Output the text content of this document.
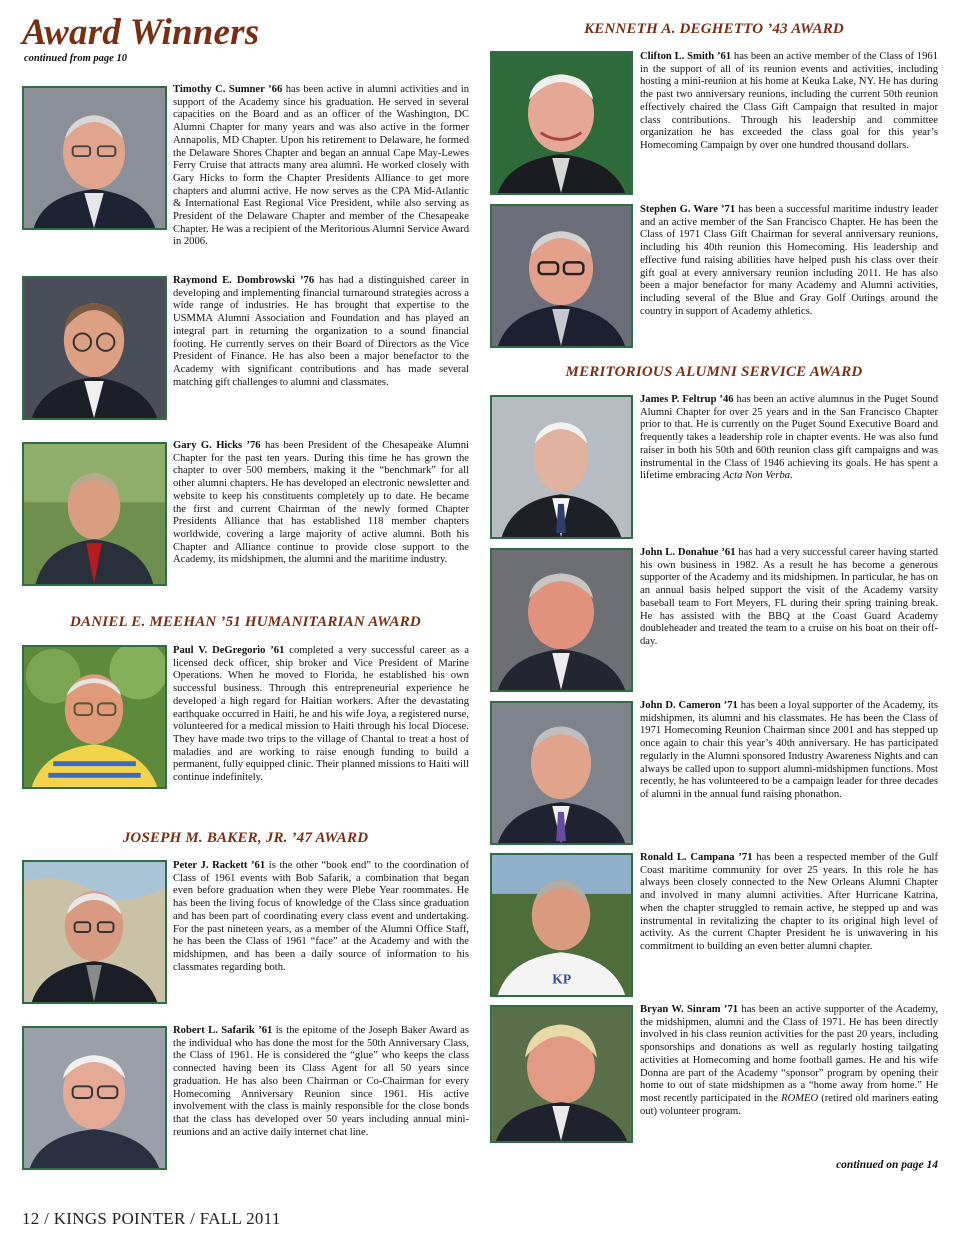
Award Winners
continued from page 10
Timothy C. Sumner ’66 has been active in alumni activities and in support of the Academy since his graduation. He served in several capacities on the Board and as an officer of the Washington, DC Alumni Chapter for many years and was also active in the former Annapolis, MD Chapter. Upon his retirement to Delaware, he formed the Delaware Shores Chapter and began an annual Cape May-Lewes Ferry Cruise that attracts many area alumni. He worked closely with Gary Hicks to form the Chapter Presidents Alliance to get more chapters and alumni active. He now serves as the CPA Mid-Atlantic & International East Regional Vice President, while also serving as President of the Delaware Chapter and member of the Chesapeake Chapter. He was a recipient of the Meritorious Alumni Service Award in 2006.
Raymond E. Dombrowski ’76 has had a distinguished career in developing and implementing financial turnaround strategies across a wide range of industries. He has brought that expertise to the USMMA Alumni Association and Foundation and has played an integral part in returning the organization to a sound financial footing. He currently serves on their Board of Directors as the Vice President of Finance. He has also been a major benefactor to the Academy with significant contributions and has made several matching gift challenges to alumni and classmates.
Gary G. Hicks ’76 has been President of the Chesapeake Alumni Chapter for the past ten years. During this time he has grown the chapter to over 500 members, making it the “benchmark” for all other alumni chapters. He has developed an electronic newsletter and website to keep his constituents completely up to date. He became the first and current Chairman of the newly formed Chapter Presidents Alliance that has established 118 member chapters worldwide, covering a large majority of active alumni. Both his Chapter and Alliance continue to provide close support to the Academy, its midshipmen, the alumni and the maritime industry.
DANIEL E. MEEHAN ’51 HUMANITARIAN AWARD
Paul V. DeGregorio ’61 completed a very successful career as a licensed deck officer, ship broker and Vice President of Marine Operations. When he moved to Florida, he established his own successful business. Through this entrepreneurial experience he developed a high regard for Haitian workers. After the devastating earthquake occurred in Haiti, he and his wife Joya, a registered nurse, volunteered for a medical mission to Haiti through his local Diocese. They have made two trips to the village of Chantal to treat a host of maladies and are working to raise enough funding to build a permanent, fully equipped clinic. Their planned missions to Haiti will continue indefinitely.
JOSEPH M. BAKER, JR. ’47 AWARD
Peter J. Rackett ’61 is the other “book end” to the coordination of Class of 1961 events with Bob Safarik, a combination that began even before graduation when they were Plebe Year roommates. He has been the living focus of knowledge of the Class since graduation and has been part of coordinating every class event and undertaking. For the past nineteen years, as a member of the Alumni Office Staff, he has been the Class of 1961 “face” at the Academy and with the midshipmen, and has been a daily source of information to his classmates regarding both.
Robert L. Safarik ’61 is the epitome of the Joseph Baker Award as the individual who has done the most for the 50th Anniversary Class, the Class of 1961. He is considered the “glue” who keeps the class connected having been its Class Agent for all 50 years since graduation. He has also been Chairman or Co-Chairman for every Homecoming Anniversary Reunion since 1961. His active involvement with the class is mainly responsible for the close bonds that the class has developed over 50 years including annual mini-reunions and an active daily internet chat line.
KENNETH A. DEGHETTO ’43 AWARD
Clifton L. Smith ’61 has been an active member of the Class of 1961 in the support of all of its reunion events and activities, including hosting a mini-reunion at his home at Keuka Lake, NY. He has during the past two anniversary reunions, including the current 50th reunion effectively chaired the Class Gift Campaign that resulted in major class contributions. Through his leadership and committee organization he has exceeded the class goal for this year’s Homecoming Campaign by over one hundred thousand dollars.
Stephen G. Ware ’71 has been a successful maritime industry leader and an active member of the San Francisco Chapter. He has been the Class of 1971 Class Gift Chairman for several anniversary reunions, including his 40th reunion this Homecoming. His leadership and effective fund raising abilities have helped push his class over their gift goal at every anniversary reunion including 2011. He has also been a major benefactor for many Academy and Alumni activities, including several of the Blue and Gray Golf Outings around the country in support of Academy athletics.
MERITORIOUS ALUMNI SERVICE AWARD
James P. Feltrup ’46 has been an active alumnus in the Puget Sound Alumni Chapter for over 25 years and in the San Francisco Chapter prior to that. He is currently on the Puget Sound Executive Board and frequently takes a leadership role in chapter events. He was also fund raiser in both his 50th and 60th reunion class gift campaigns and was instrumental in the Class of 1946 achieving its goals. He has spent a lifetime embracing Acta Non Verba.
John L. Donahue ’61 has had a very successful career having started his own business in 1982. As a result he has become a generous supporter of the Academy and its midshipmen. In particular, he has on an annual basis helped support the visit of the Academy varsity baseball team to Fort Meyers, FL during their spring training break. He has assisted with the BBQ at the Coast Guard Academy doubleheader and treated the team to a cruise on his boat on their off-day.
John D. Cameron ’71 has been a loyal supporter of the Academy, its midshipmen, its alumni and his classmates. He has been the Class of 1971 Homecoming Reunion Chairman since 2001 and has stepped up once again to chair this year’s 40th anniversary. He has participated regularly in the Alumni sponsored Industry Awareness Nights and can always be called upon to support alumni-midshipmen functions. Most recently, he has volunteered to be a campaign leader for three decades of alumni in the annual fund raising phonathon.
KP
Ronald L. Campana ’71 has been a respected member of the Gulf Coast maritime community for over 25 years. In this role he has always been closely connected to the New Orleans Alumni Chapter and involved in many alumni activities. After Hurricane Katrina, when the chapter struggled to remain active, he stepped up and was instrumental in revitalizing the chapter to its original high level of activity. As the current Chapter President he is unwavering in his commitment to building an even better alumni chapter.
Bryan W. Sinram ’71 has been an active supporter of the Academy, the midshipmen, alumni and the Class of 1971. He has been directly involved in his class reunion activities for the past 20 years, including sponsorships and donations as well as regularly hosting tailgating activities at Homecoming and home football games. He and his wife Donna are part of the Academy “sponsor” program by opening their home to out of state midshipmen as a “home away from home.” He most recently participated in the ROMEO (retired old mariners eating out) volunteer program.
continued on page 14
12 / KINGS POINTER / FALL 2011
